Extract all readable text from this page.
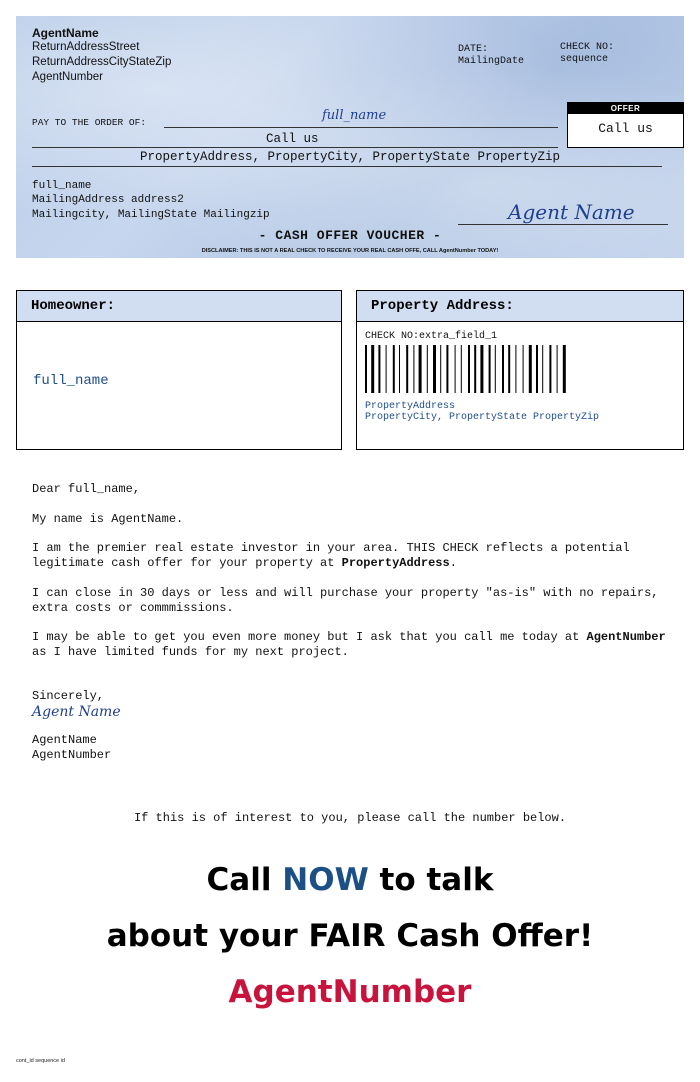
AgentName
ReturnAddressStreet
ReturnAddressCityStateZip
AgentNumber
DATE:
MailingDate
CHECK NO:
sequence
PAY TO THE ORDER OF:	full_name
Call us
OFFER
Call us
PropertyAddress, PropertyCity, PropertyState PropertyZip
full_name
MailingAddress address2
Mailingcity, MailingState Mailingzip	Agent Name
- CASH OFFER VOUCHER -
DISCLAIMER: THIS IS NOT A REAL CHECK TO RECEIVE YOUR REAL CASH OFFE, CALL AgentNumber TODAY!
Homeowner:
full_name
Property Address:
CHECK NO:extra_field_1
PropertyAddress
PropertyCity, PropertyState PropertyZip
Dear full_name,
My name is AgentName.
I am the premier real estate investor in your area. THIS CHECK reflects a potential legitimate cash offer for your property at PropertyAddress.
I can close in 30 days or less and will purchase your property "as-is" with no repairs, extra costs or commmissions.
I may be able to get you even more money but I ask that you call me today at AgentNumber as I have limited funds for my next project.
Sincerely,
Agent Name
AgentName
AgentNumber
If this is of interest to you, please call the number below.
Call NOW to talk
about your FAIR Cash Offer!
AgentNumber
cont_id sequence id
